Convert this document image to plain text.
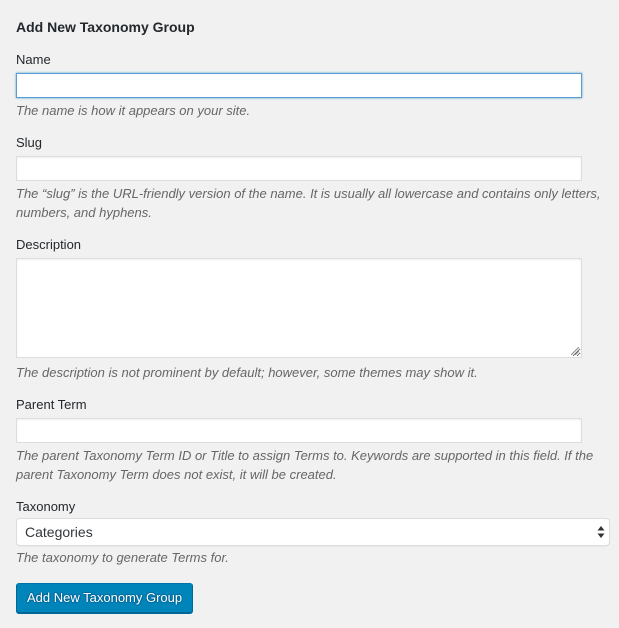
Add New Taxonomy Group
Name

The name is how it appears on your site.

Slug

The “slug” is the URL-friendly version of the name. It is usually all lowercase and contains only letters, numbers, and hyphens.

Description

The description is not prominent by default; however, some themes may show it.

Parent Term

The parent Taxonomy Term ID or Title to assign Terms to. Keywords are supported in this field. If the parent Taxonomy Term does not exist, it will be created.

Taxonomy
Categories

The taxonomy to generate Terms for.

Add New Taxonomy Group
